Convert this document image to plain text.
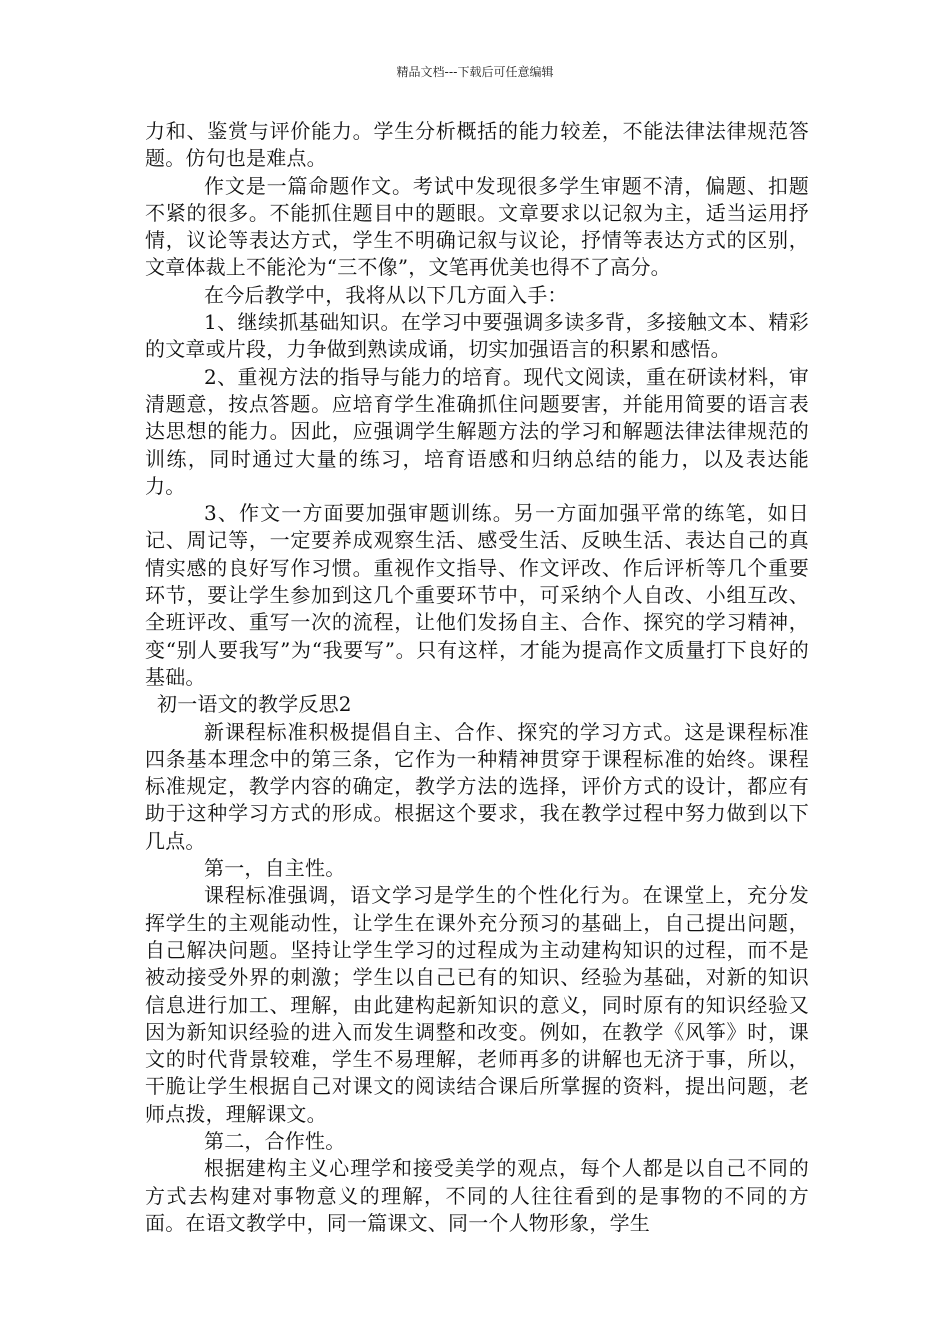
精品文档---下载后可任意编辑

力和、鉴赏与评价能力。学生分析概括的能力较差，不能法律法律规范答题。仿句也是难点。

作文是一篇命题作文。考试中发现很多学生审题不清，偏题、扣题不紧的很多。不能抓住题目中的题眼。文章要求以记叙为主，适当运用抒情，议论等表达方式，学生不明确记叙与议论，抒情等表达方式的区别，文章体裁上不能沦为“三不像”，文笔再优美也得不了高分。

在今后教学中，我将从以下几方面入手：

1、继续抓基础知识。在学习中要强调多读多背，多接触文本、精彩的文章或片段，力争做到熟读成诵，切实加强语言的积累和感悟。

2、重视方法的指导与能力的培育。现代文阅读，重在研读材料，审清题意，按点答题。应培育学生准确抓住问题要害，并能用简要的语言表达思想的能力。因此，应强调学生解题方法的学习和解题法律法律规范的训练，同时通过大量的练习，培育语感和归纳总结的能力，以及表达能力。

3、作文一方面要加强审题训练。另一方面加强平常的练笔，如日记、周记等，一定要养成观察生活、感受生活、反映生活、表达自己的真情实感的良好写作习惯。重视作文指导、作文评改、作后评析等几个重要环节，要让学生参加到这几个重要环节中，可采纳个人自改、小组互改、全班评改、重写一次的流程，让他们发扬自主、合作、探究的学习精神，变“别人要我写”为“我要写”。只有这样，才能为提高作文质量打下良好的基础。

初一语文的教学反思2

新课程标准积极提倡自主、合作、探究的学习方式。这是课程标准四条基本理念中的第三条，它作为一种精神贯穿于课程标准的始终。课程标准规定，教学内容的确定，教学方法的选择，评价方式的设计，都应有助于这种学习方式的形成。根据这个要求，我在教学过程中努力做到以下几点。

第一，自主性。

课程标准强调，语文学习是学生的个性化行为。在课堂上，充分发挥学生的主观能动性，让学生在课外充分预习的基础上，自己提出问题，自己解决问题。坚持让学生学习的过程成为主动建构知识的过程，而不是被动接受外界的刺激；学生以自己已有的知识、经验为基础，对新的知识信息进行加工、理解，由此建构起新知识的意义，同时原有的知识经验又因为新知识经验的进入而发生调整和改变。例如，在教学《风筝》时，课文的时代背景较难，学生不易理解，老师再多的讲解也无济于事，所以，干脆让学生根据自己对课文的阅读结合课后所掌握的资料，提出问题，老师点拨，理解课文。

第二，合作性。

根据建构主义心理学和接受美学的观点，每个人都是以自己不同的方式去构建对事物意义的理解，不同的人往往看到的是事物的不同的方面。在语文教学中，同一篇课文、同一个人物形象，学生
